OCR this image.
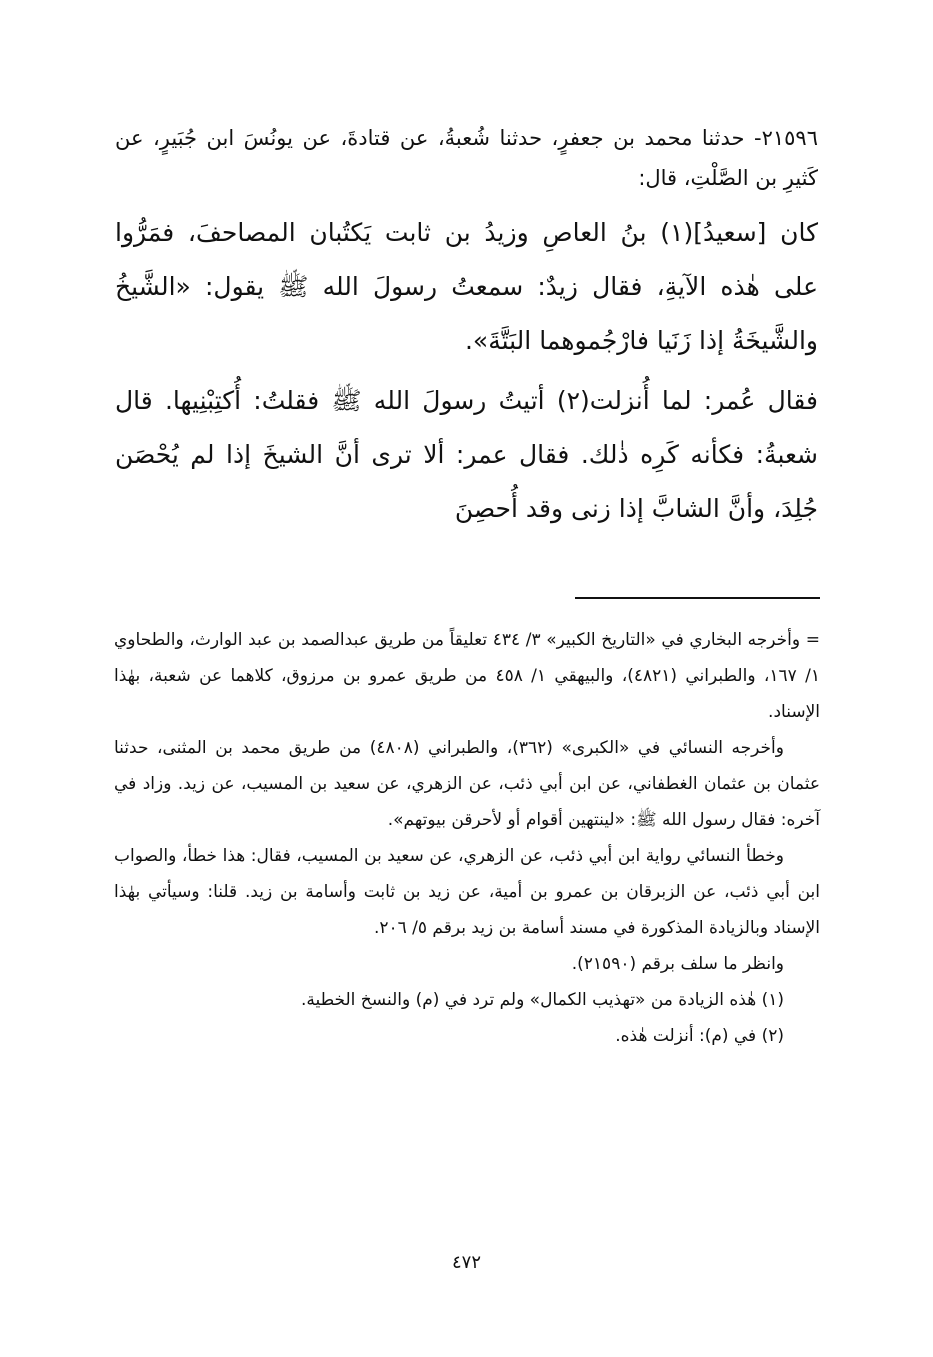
٢١٥٩٦- حدثنا محمد بن جعفرٍ، حدثنا شُعبةُ، عن قتادةَ، عن يونُسَ ابن جُبَيرٍ، عن كَثيرِ بن الصَّلْتِ، قال:

كان [سعيدُ](١) بنُ العاصِ وزيدُ بن ثابت يَكتُبان المصاحفَ، فمَرُّوا على هٰذه الآيةِ، فقال زيدٌ: سمعتُ رسولَ الله ﷺ يقول: «الشَّيخُ والشَّيخَةُ إذا زَنَيا فارْجُموهما البَتَّةَ».

فقال عُمر: لما أُنزلت(٢) أتيتُ رسولَ الله ﷺ فقلتُ: أُكتِبْنِيها. قال شعبةُ: فكأنه كَرِه ذٰلك. فقال عمر: ألا ترى أنَّ الشيخَ إذا لم يُحْصَن جُلِدَ، وأنَّ الشابَّ إذا زنى وقد أُحصِنَ

= وأخرجه البخاري في «التاريخ الكبير» ٣/ ٤٣٤ تعليقاً من طريق عبدالصمد بن عبد الوارث، والطحاوي ١/ ١٦٧، والطبراني (٤٨٢١)، والبيهقي ١/ ٤٥٨ من طريق عمرو بن مرزوق، كلاهما عن شعبة، بهٰذا الإسناد.

وأخرجه النسائي في «الكبرى» (٣٦٢)، والطبراني (٤٨٠٨) من طريق محمد بن المثنى، حدثنا عثمان بن عثمان الغطفاني، عن ابن أبي ذئب، عن الزهري، عن سعيد بن المسيب، عن زيد. وزاد في آخره: فقال رسول الله ﷺ: «لينتهين أقوام أو لأحرقن بيوتهم».

وخطأ النسائي رواية ابن أبي ذئب، عن الزهري، عن سعيد بن المسيب، فقال: هذا خطأ، والصواب ابن أبي ذئب، عن الزبرقان بن عمرو بن أمية، عن زيد بن ثابت وأسامة بن زيد. قلنا: وسيأتي بهٰذا الإسناد وبالزيادة المذكورة في مسند أسامة بن زيد برقم ٥/ ٢٠٦.

وانظر ما سلف برقم (٢١٥٩٠).

(١) هٰذه الزيادة من «تهذيب الكمال» ولم ترد في (م) والنسخ الخطية.

(٢) في (م): أنزلت هٰذه.

٤٧٢
